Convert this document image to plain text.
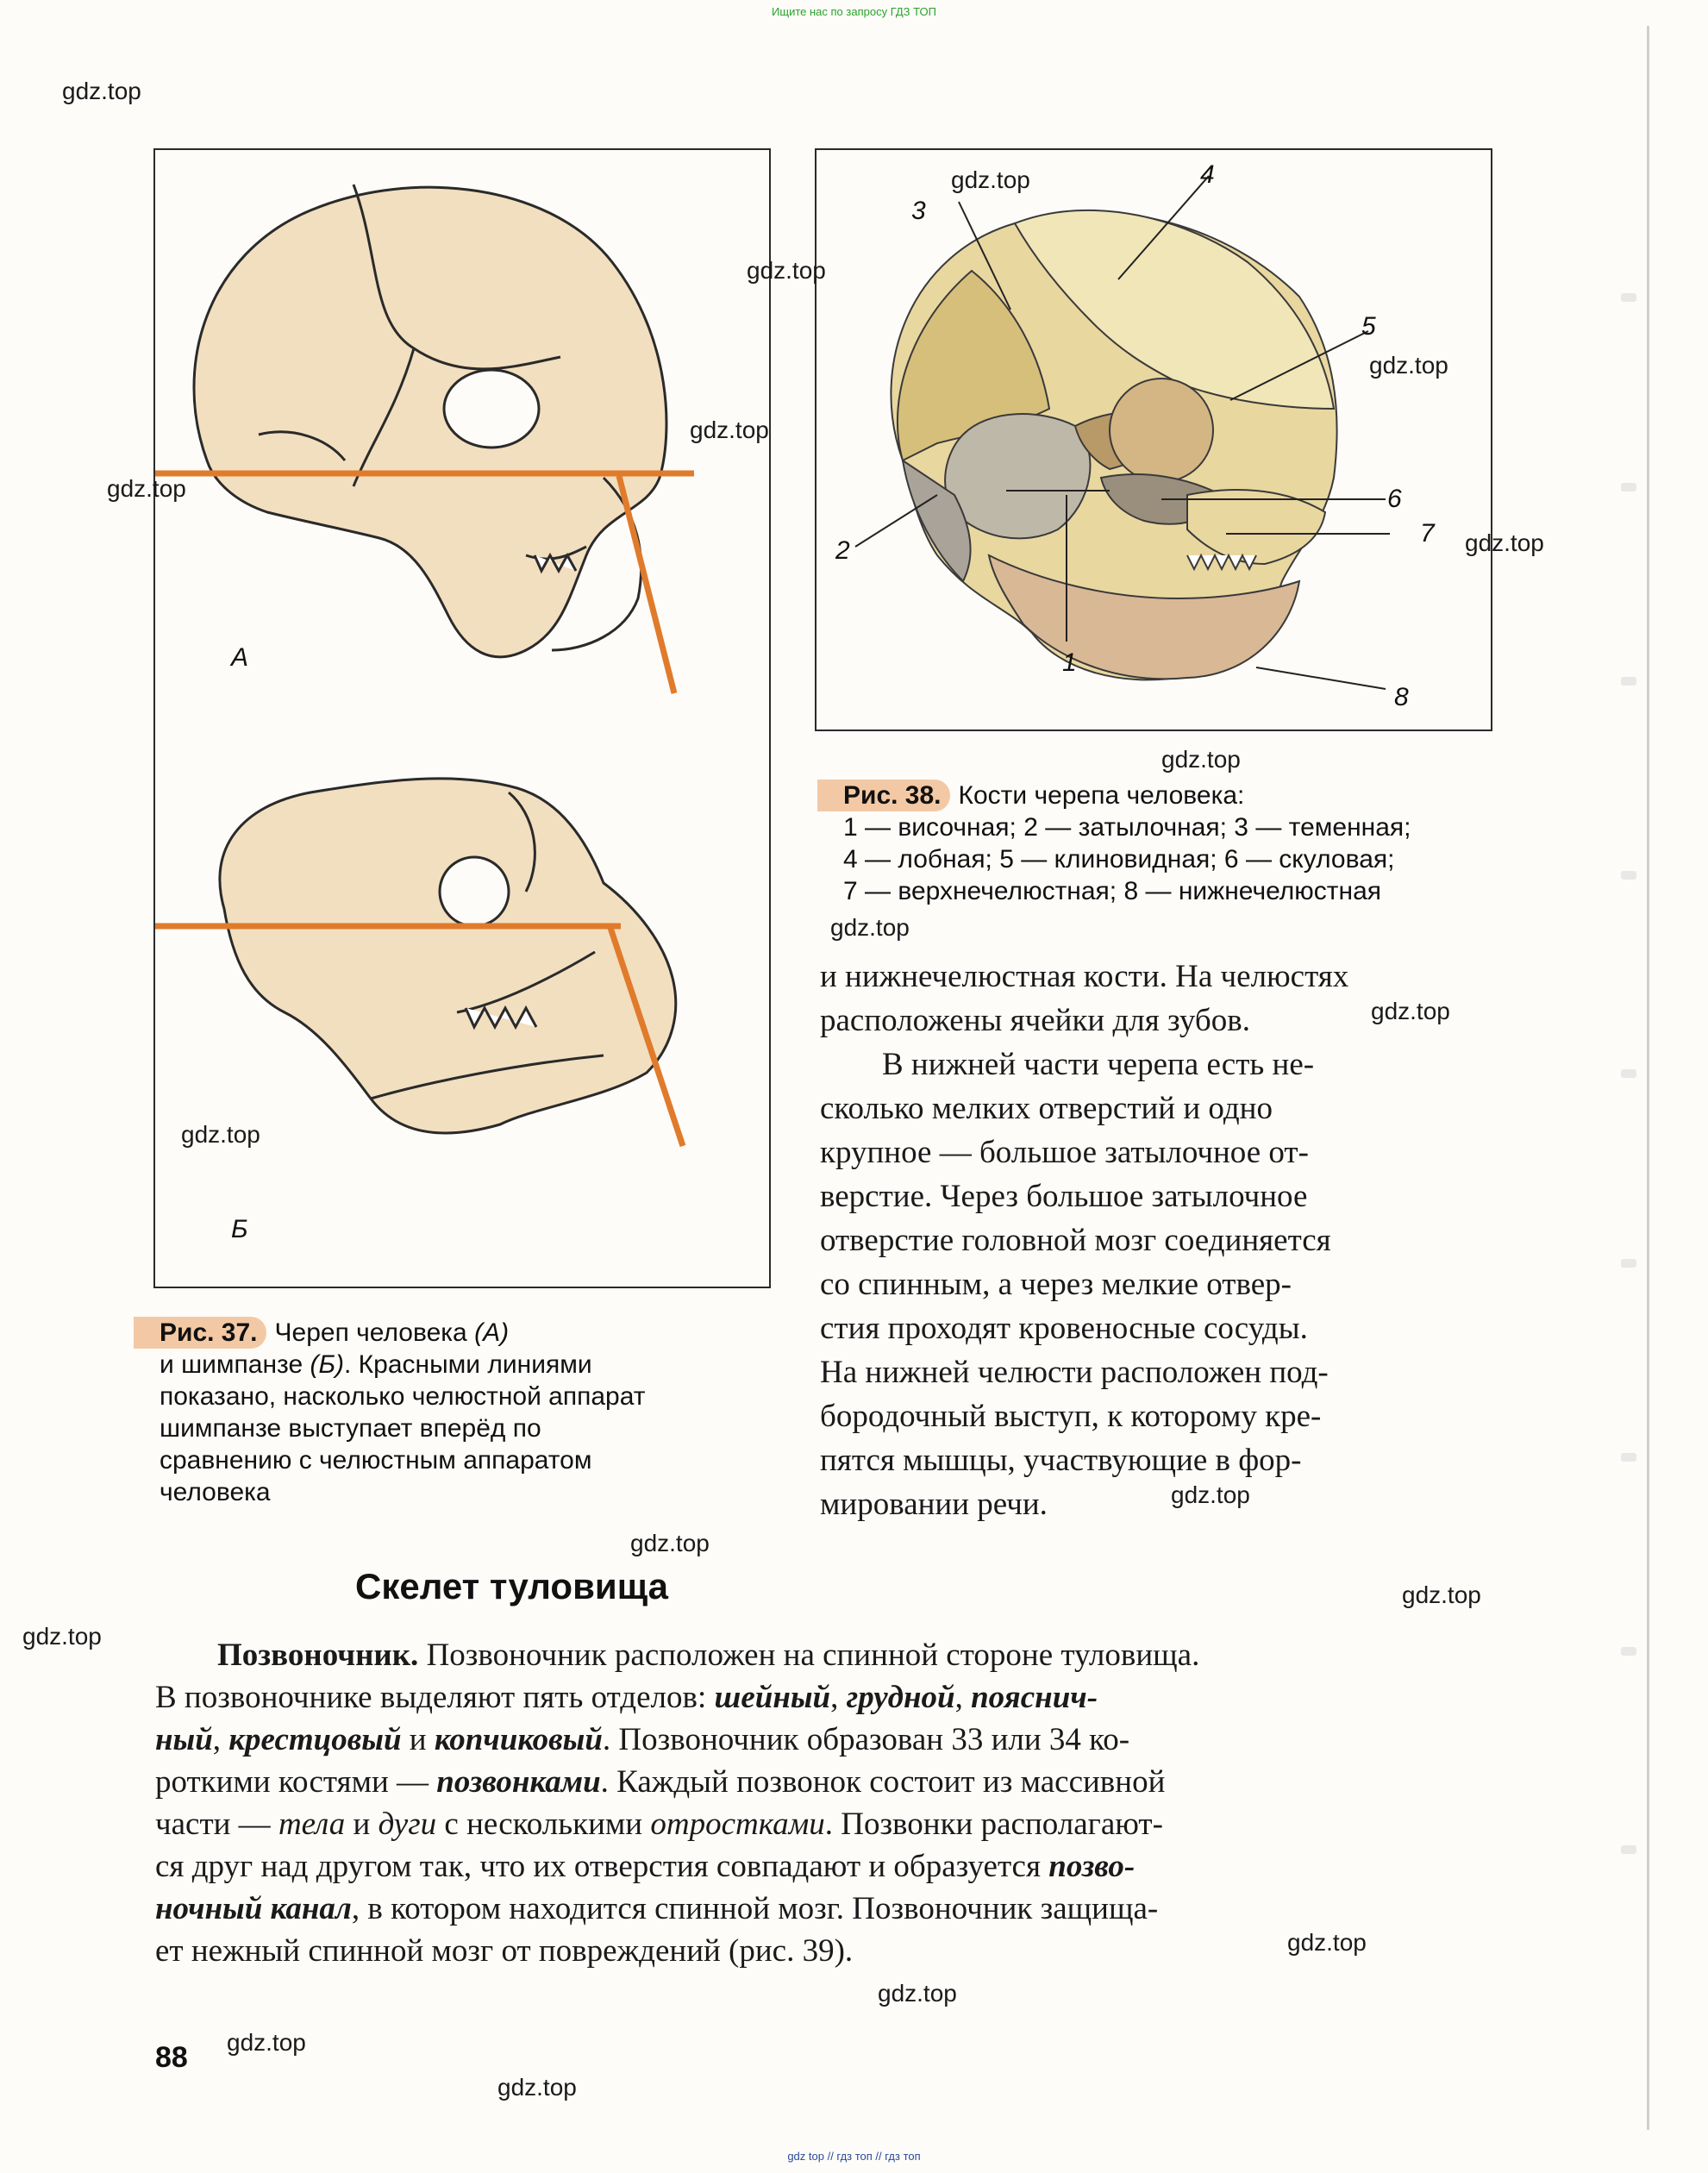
Ищите нас по запросу ГДЗ ТОП
А
Б
Рис. 37. Череп человека (А)
и шимпанзе (Б). Красными линиями
показано, насколько челюстной аппарат
шимпанзе выступает вперёд по
сравнению с челюстным аппаратом
человека
1
2
3
4
5
6
7
8
Рис. 38. Кости черепа человека:
1 — височная; 2 — затылочная; 3 — теменная;
4 — лобная; 5 — клиновидная; 6 — скуловая;
7 — верхнечелюстная; 8 — нижнечелюстная
и нижнечелюстная кости. На челюстях
расположены ячейки для зубов.
В нижней части черепа есть не-
сколько мелких отверстий и одно
крупное — большое затылочное от-
верстие. Через большое затылочное
отверстие головной мозг соединяется
со спинным, а через мелкие отвер-
стия проходят кровеносные сосуды.
На нижней челюсти расположен под-
бородочный выступ, к которому кре-
пятся мышцы, участвующие в фор-
мировании речи.
Скелет туловища
Позвоночник. Позвоночник расположен на спинной стороне туловища.
В позвоночнике выделяют пять отделов: шейный, грудной, пояснич-
ный, крестцовый и копчиковый. Позвоночник образован 33 или 34 ко-
роткими костями — позвонками. Каждый позвонок состоит из массивной
части — тела и дуги с несколькими отростками. Позвонки располагают-
ся друг над другом так, что их отверстия совпадают и образуется позво-
ночный канал, в котором находится спинной мозг. Позвоночник защища-
ет нежный спинной мозг от повреждений (рис. 39).
88
gdz.top
gdz.top
gdz.top
gdz.top
gdz.top
gdz.top
gdz.top
gdz.top
gdz.top
gdz.top
gdz.top
gdz.top
gdz.top
gdz.top
gdz.top
gdz.top
gdz.top
gdz.top
gdz.top
gdz top // гдз топ // гдз топ
